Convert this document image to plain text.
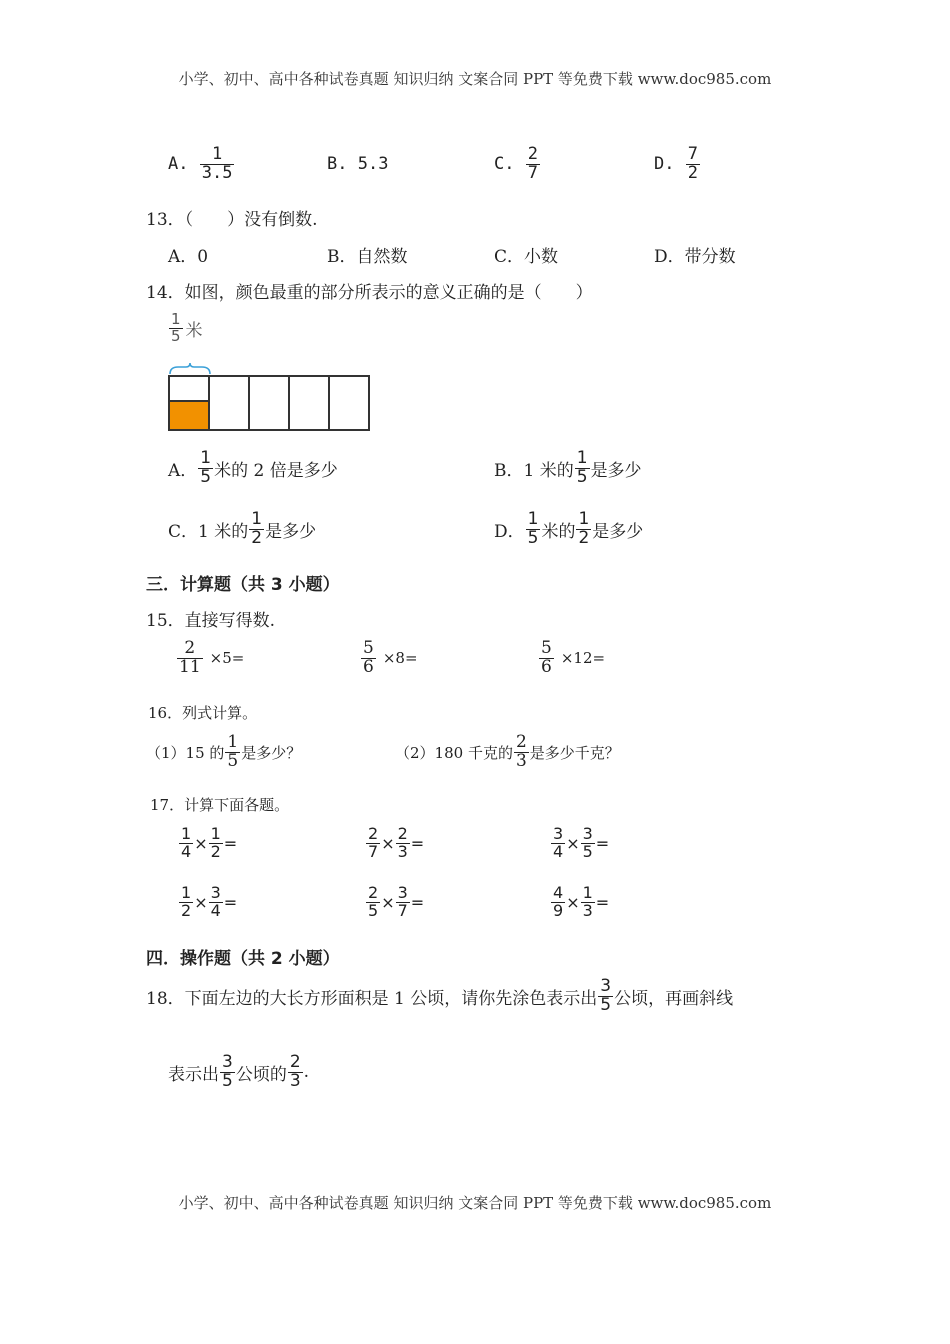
小学、初中、高中各种试卷真题 知识归纳 文案合同 PPT 等免费下载 www.doc985.com
A.
$\frac{1}{3.5}$	B.
5.3	C.
$\frac{2}{7}$	D.
$\frac{7}{2}$
13．（　　）没有倒数.
A．0	B．自然数	C．小数	D．带分数
14．如图，颜色最重的部分所表示的意义正确的是（　　）
$\frac{1}{5}$ 米
A． $\frac{1}{5}$ 米的 2 倍是多少	B． 1 米的 $\frac{1}{5}$ 是多少
C． 1 米的 $\frac{1}{2}$ 是多少	D． $\frac{1}{5}$ 米的 $\frac{1}{2}$ 是多少
三．计算题（共 3 小题）
15．直接写得数.
$\frac{2}{11} \times 5=$	$\frac{5}{6} \times 8=$	$\frac{5}{6} \times 12=$
16．列式计算。
（1）15 的 $\frac{1}{5}$ 是多少？	（2）180 千克的 $\frac{2}{3}$ 是多少千克？
17．计算下面各题。
$\frac{1}{4} \times \frac{1}{2}$ =	$\frac{2}{7} \times \frac{2}{3}$ =	$\frac{3}{4} \times \frac{3}{5}$ =
$\frac{1}{2} \times \frac{3}{4}$ =	$\frac{2}{5} \times \frac{3}{7}$ =	$\frac{4}{9} \times \frac{1}{3}$ =
四．操作题（共 2 小题）
18．下面左边的大长方形面积是 1 公顷，请你先涂色表示出 $\frac{3}{5}$ 公顷，再画斜线
表示出 $\frac{3}{5}$ 公顷的 $\frac{2}{3}$ .
小学、初中、高中各种试卷真题 知识归纳 文案合同 PPT 等免费下载 www.doc985.com
